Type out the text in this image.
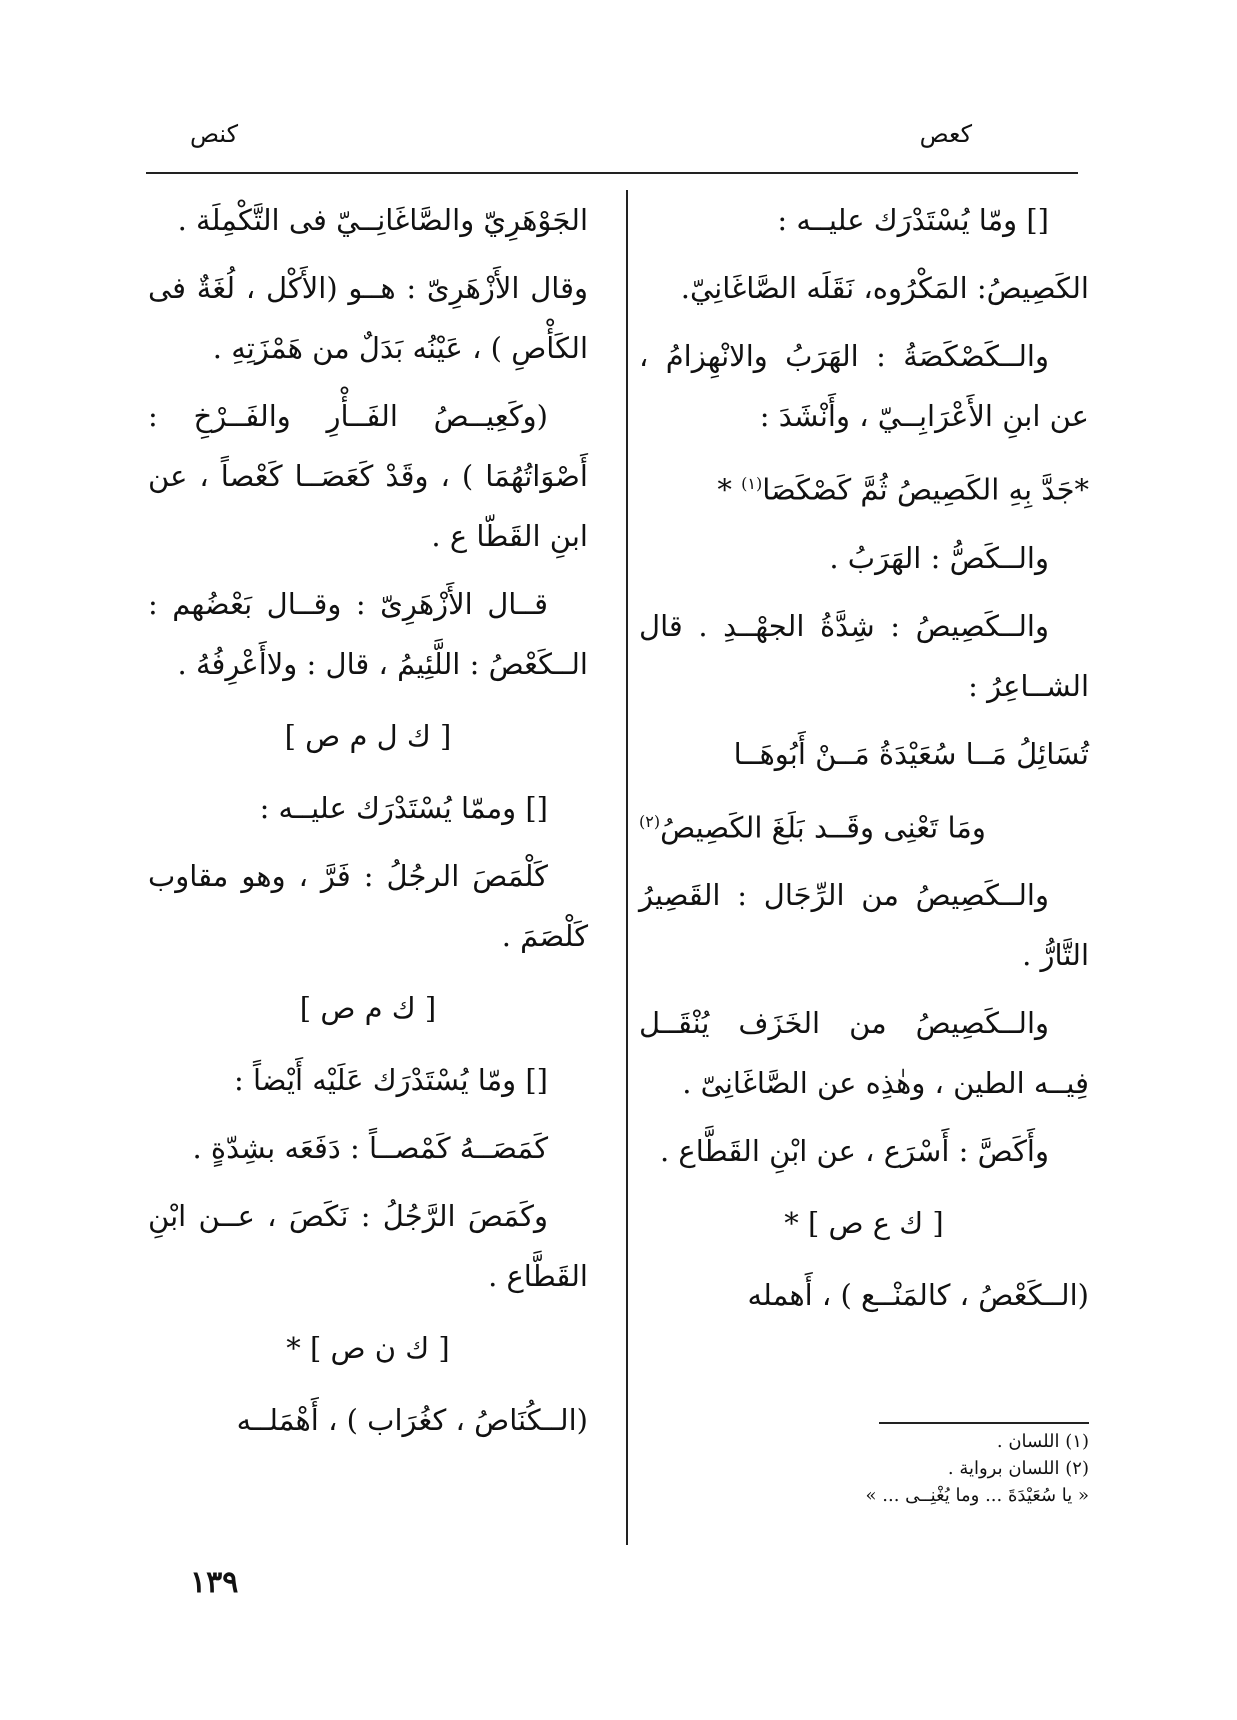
كعص
كنص

[] ومّا يُسْتَدْرَك عليــه :

الكَصِيصُ: المَكْرُوه، نَقَلَه الصَّاغَانِيّ.

والــكَصْكَصَةُ : الهَرَبُ والانْهِزامُ ، عن ابنِ الأَعْرَابِــيّ ، وأَنْشَدَ :

*جَدَّ بِهِ الكَصِيصُ ثُمَّ كَصْكَصَا$^{(١)}$ *

والــكَصُّ : الهَرَبُ .

والــكَصِيصُ : شِدَّةُ الجهْــدِ . قال الشــاعِرُ :

تُسَائِلُ مَــا سُعَيْدَةُ مَــنْ أَبُوهَــا

ومَا تَعْنِى وقَــد بَلَغَ الكَصِيصُ$^{(٢)}$

والــكَصِيصُ من الرِّجَال : القَصِيرُ التَّارُّ .

والــكَصِيصُ من الخَزَف يُنْقَــل فِيــه الطين ، وهٰذِه عن الصَّاغَانِىّ .

وأَكَصَّ : أَسْرَع ، عن ابْنِ القَطَّاع .

[ ك ع ص ] *

(الــكَعْصُ ، كالمَنْــع ) ، أَهمله

الجَوْهَرِيّ والصَّاغَانِــيّ فى التَّكْمِلَة .

وقال الأَزْهَرِىّ : هــو (الأَكْل ، لُغَةٌ فى الكَأْصِ ) ، عَيْنُه بَدَلٌ من هَمْزَتِهِ .

(وكَعِيــصُ الفَــأْرِ والفَــرْخِ : أَصْوَاتُهُمَا ) ، وقَدْ كَعَصَــا كَعْصاً ، عن ابنِ القَطّا ع .

قــال الأَزْهَرِىّ : وقــال بَعْضُهم : الــكَعْصُ : اللَّئِيمُ ، قال : ولاأَعْرِفُهُ .

[ ك ل م ص ]

[] وممّا يُسْتَدْرَك عليــه :

كَلْمَصَ الرجُلُ : فَرَّ ، وهو مقاوب كَلْصَمَ .

[ ك م ص ]

[] ومّا يُسْتَدْرَك عَلَيْه أَيْضاً :

كَمَصَــهُ كَمْصــاً : دَفَعَه بشِدّةٍ .

وكَمَصَ الرَّجُلُ : نَكَصَ ، عــن ابْنِ القَطَّاع .

[ ك ن ص ] *

(الــكُنَاصُ ، كغُرَاب ) ، أَهْمَلــه

(١) اللسان .

(٢) اللسان برواية .

« يا سُعَيْدَةَ ... وما يُغْنِــى ... »

١٣٩
